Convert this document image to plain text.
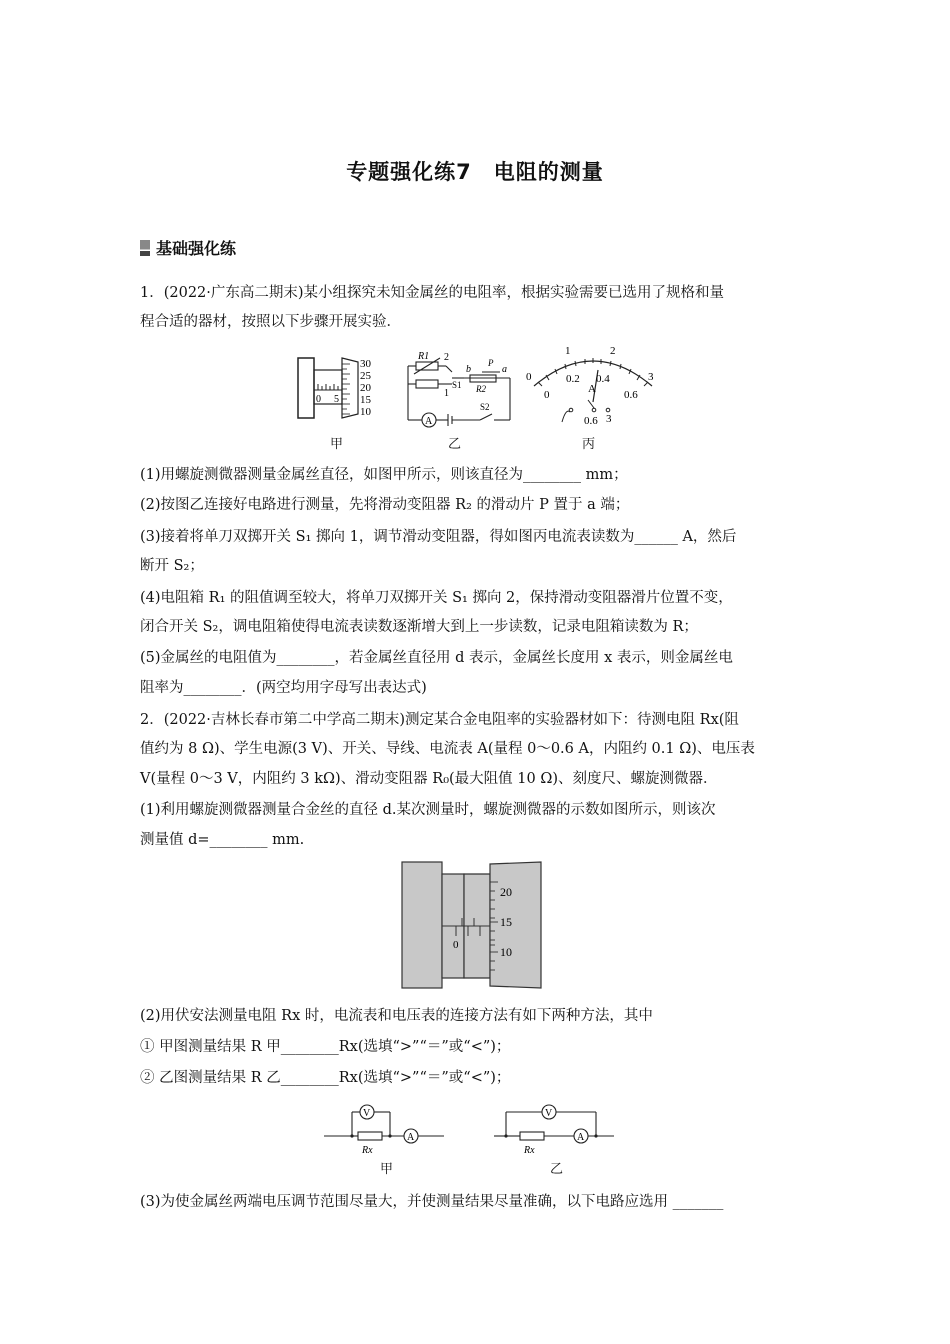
专题强化练7　电阻的测量
基础强化练
1．(2022·广东高二期末)某小组探究未知金属丝的电阻率，根据实验需要已选用了规格和量
程合适的器材，按照以下步骤开展实验．
30
25
20
15
10
0 5
甲
R1 2
1
S1
b	a
P
R2
S2
A
乙
1	2
0	3
0
0.2 0.4
0.6
A
0.6 3
丙
(1)用螺旋测微器测量金属丝直径，如图甲所示，则该直径为________ mm；
(2)按图乙连接好电路进行测量，先将滑动变阻器 R₂ 的滑动片 P 置于 a 端；
(3)接着将单刀双掷开关 S₁ 掷向 1，调节滑动变阻器，得如图丙电流表读数为______ A，然后
断开 S₂；
(4)电阻箱 R₁ 的阻值调至较大，将单刀双掷开关 S₁ 掷向 2，保持滑动变阻器滑片位置不变，
闭合开关 S₂，调电阻箱使得电流表读数逐渐增大到上一步读数，记录电阻箱读数为 R；
(5)金属丝的电阻值为________，若金属丝直径用 d 表示，金属丝长度用 x 表示，则金属丝电
阻率为________．(两空均用字母写出表达式)
2．(2022·吉林长春市第二中学高二期末)测定某合金电阻率的实验器材如下：待测电阻 Rx(阻
值约为 8 Ω)、学生电源(3 V)、开关、导线、电流表 A(量程 0～0.6 A，内阻约 0.1 Ω)、电压表
V(量程 0～3 V，内阻约 3 kΩ)、滑动变阻器 R₀(最大阻值 10 Ω)、刻度尺、螺旋测微器．
(1)利用螺旋测微器测量合金丝的直径 d.某次测量时，螺旋测微器的示数如图所示，则该次
测量值 d=________ mm.
20
15
10
0
(2)用伏安法测量电阻 Rx 时，电流表和电压表的连接方法有如下两种方法，其中
① 甲图测量结果 R 甲________Rx(选填“>”“＝”或“<”)；
② 乙图测量结果 R 乙________Rx(选填“>”“＝”或“<”)；
V
A
Rx
甲
V
A
Rx
乙
(3)为使金属丝两端电压调节范围尽量大，并使测量结果尽量准确，以下电路应选用 _______
